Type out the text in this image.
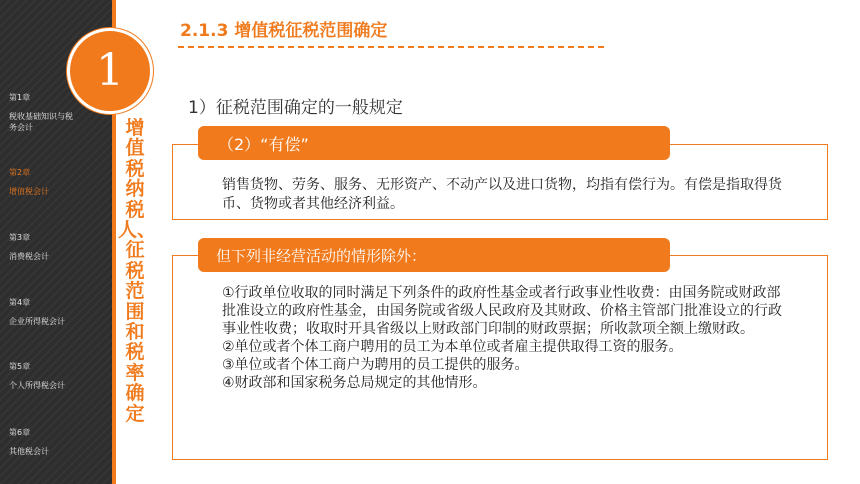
第1章
税收基础知识与税务会计
第2章
增值税会计
第3章
消费税会计
第4章
企业所得税会计
第5章
个人所得税会计
第6章
其他税会计
增值税纳税人、征税范围和税率确定
1
2.1.3 增值税征税范围确定
1）征税范围确定的一般规定
（2）“有偿”
销售货物、劳务、服务、无形资产、不动产以及进口货物，均指有偿行为。有偿是指取得货币、货物或者其他经济利益。
但下列非经营活动的情形除外：
①行政单位收取的同时满足下列条件的政府性基金或者行政事业性收费：由国务院或财政部批准设立的政府性基金，由国务院或省级人民政府及其财政、价格主管部门批准设立的行政事业性收费；收取时开具省级以上财政部门印制的财政票据；所收款项全额上缴财政。
②单位或者个体工商户聘用的员工为本单位或者雇主提供取得工资的服务。
③单位或者个体工商户为聘用的员工提供的服务。
④财政部和国家税务总局规定的其他情形。
